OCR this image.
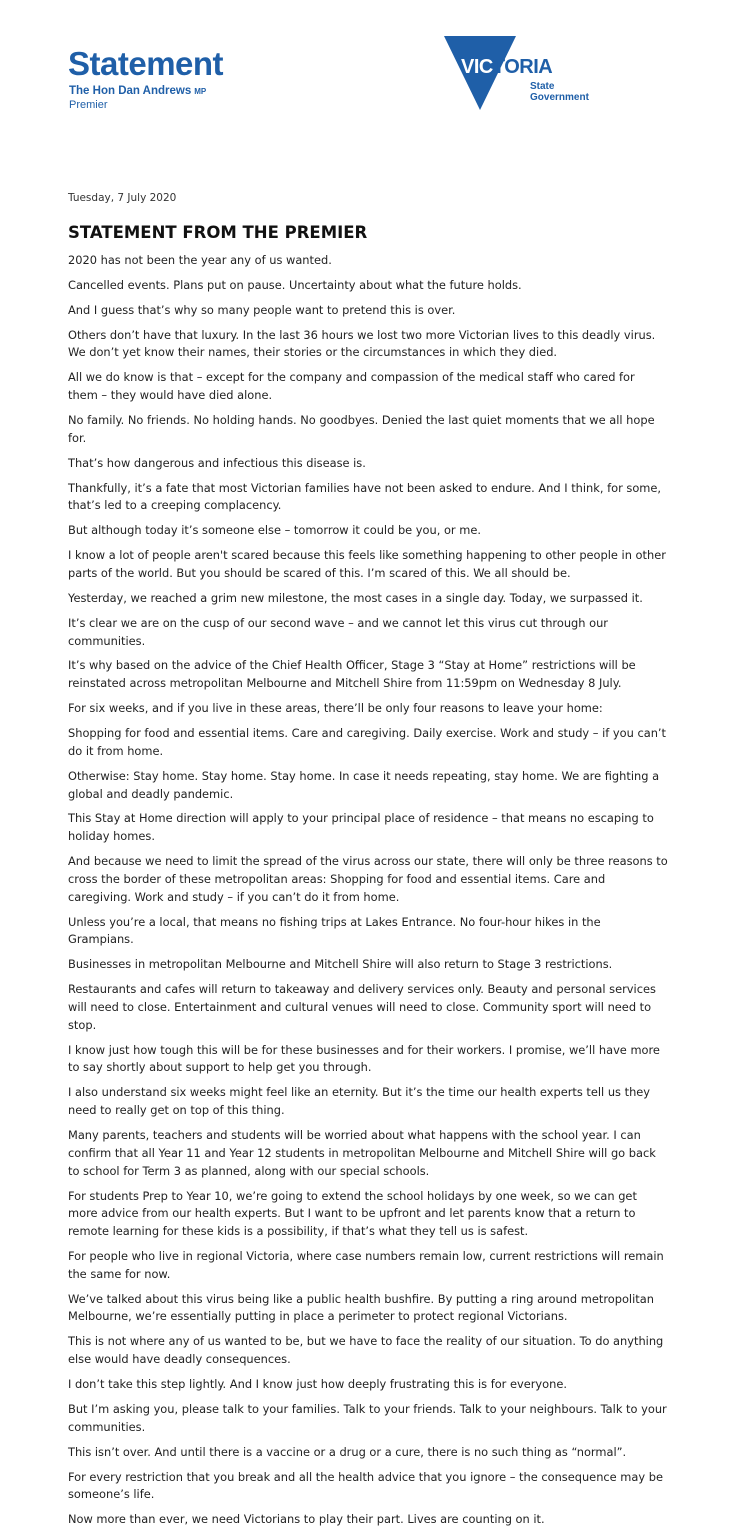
Statement
The Hon Dan Andrews MP
Premier
VICTORIA
State
Government
Tuesday, 7 July 2020
STATEMENT FROM THE PREMIER

2020 has not been the year any of us wanted.

Cancelled events. Plans put on pause. Uncertainty about what the future holds.

And I guess that’s why so many people want to pretend this is over.

Others don’t have that luxury. In the last 36 hours we lost two more Victorian lives to this deadly virus. We don’t yet know their names, their stories or the circumstances in which they died.

All we do know is that – except for the company and compassion of the medical staff who cared for them – they would have died alone.

No family. No friends. No holding hands. No goodbyes. Denied the last quiet moments that we all hope for.

That’s how dangerous and infectious this disease is.

Thankfully, it’s a fate that most Victorian families have not been asked to endure. And I think, for some, that’s led to a creeping complacency.

But although today it’s someone else – tomorrow it could be you, or me.

I know a lot of people aren't scared because this feels like something happening to other people in other parts of the world. But you should be scared of this. I’m scared of this. We all should be.

Yesterday, we reached a grim new milestone, the most cases in a single day. Today, we surpassed it.

It’s clear we are on the cusp of our second wave – and we cannot let this virus cut through our communities.

It’s why based on the advice of the Chief Health Officer, Stage 3 “Stay at Home” restrictions will be reinstated across metropolitan Melbourne and Mitchell Shire from 11:59pm on Wednesday 8 July.

For six weeks, and if you live in these areas, there’ll be only four reasons to leave your home:

Shopping for food and essential items. Care and caregiving. Daily exercise. Work and study – if you can’t do it from home.

Otherwise: Stay home. Stay home. Stay home. In case it needs repeating, stay home. We are fighting a global and deadly pandemic.

This Stay at Home direction will apply to your principal place of residence – that means no escaping to holiday homes.

And because we need to limit the spread of the virus across our state, there will only be three reasons to cross the border of these metropolitan areas: Shopping for food and essential items. Care and caregiving. Work and study – if you can’t do it from home.

Unless you’re a local, that means no fishing trips at Lakes Entrance. No four-hour hikes in the Grampians.

Businesses in metropolitan Melbourne and Mitchell Shire will also return to Stage 3 restrictions.

Restaurants and cafes will return to takeaway and delivery services only. Beauty and personal services will need to close. Entertainment and cultural venues will need to close. Community sport will need to stop.

I know just how tough this will be for these businesses and for their workers. I promise, we’ll have more to say shortly about support to help get you through.

I also understand six weeks might feel like an eternity. But it’s the time our health experts tell us they need to really get on top of this thing.

Many parents, teachers and students will be worried about what happens with the school year. I can confirm that all Year 11 and Year 12 students in metropolitan Melbourne and Mitchell Shire will go back to school for Term 3 as planned, along with our special schools.

For students Prep to Year 10, we’re going to extend the school holidays by one week, so we can get more advice from our health experts. But I want to be upfront and let parents know that a return to remote learning for these kids is a possibility, if that’s what they tell us is safest.

For people who live in regional Victoria, where case numbers remain low, current restrictions will remain the same for now.

We’ve talked about this virus being like a public health bushfire. By putting a ring around metropolitan Melbourne, we’re essentially putting in place a perimeter to protect regional Victorians.

This is not where any of us wanted to be, but we have to face the reality of our situation. To do anything else would have deadly consequences.

I don’t take this step lightly. And I know just how deeply frustrating this is for everyone.

But I’m asking you, please talk to your families. Talk to your friends. Talk to your neighbours. Talk to your communities.

This isn’t over. And until there is a vaccine or a drug or a cure, there is no such thing as “normal”.

For every restriction that you break and all the health advice that you ignore – the consequence may be someone’s life.

Now more than ever, we need Victorians to play their part. Lives are counting on it.
